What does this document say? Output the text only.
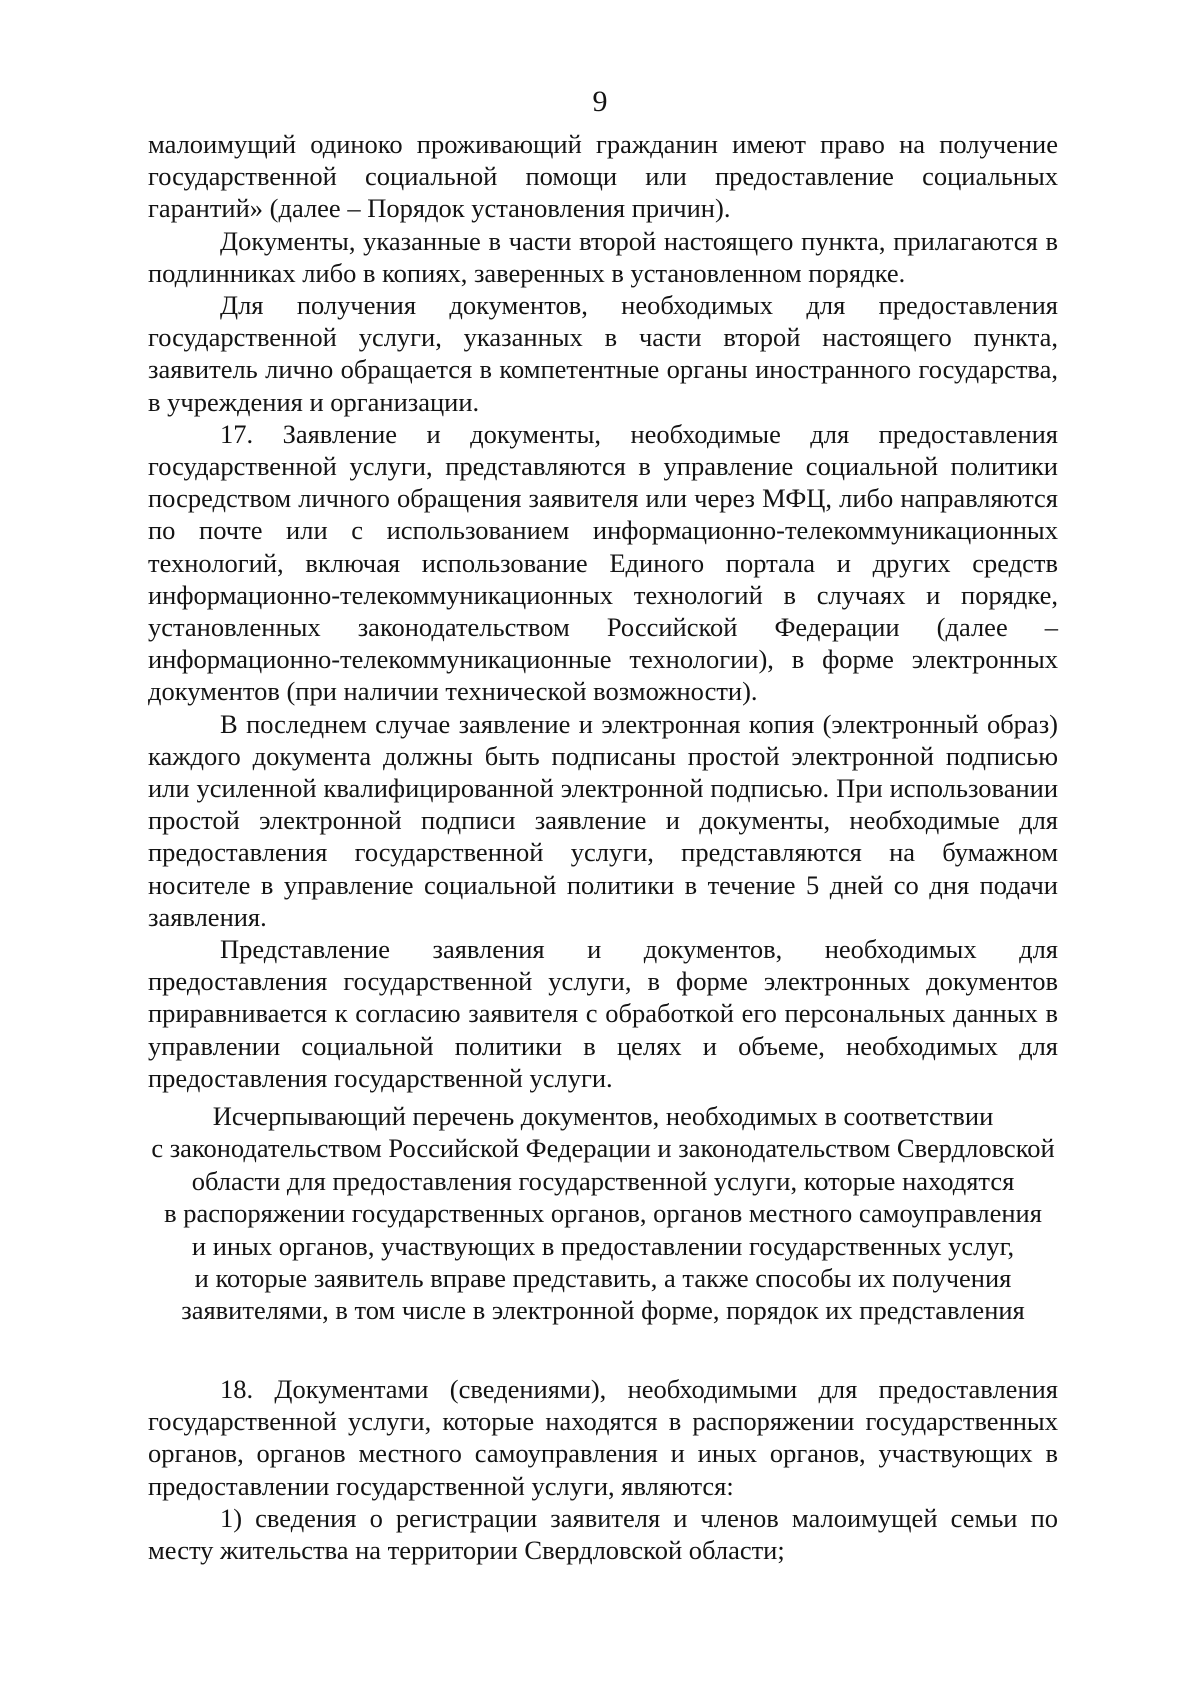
9

малоимущий одиноко проживающий гражданин имеют право на получение государственной социальной помощи или предоставление социальных гарантий» (далее – Порядок установления причин).

Документы, указанные в части второй настоящего пункта, прилагаются в подлинниках либо в копиях, заверенных в установленном порядке.

Для получения документов, необходимых для предоставления государственной услуги, указанных в части второй настоящего пункта, заявитель лично обращается в компетентные органы иностранного государства, в учреждения и организации.

17. Заявление и документы, необходимые для предоставления государственной услуги, представляются в управление социальной политики посредством личного обращения заявителя или через МФЦ, либо направляются по почте или с использованием информационно-телекоммуникационных технологий, включая использование Единого портала и других средств информационно-телекоммуникационных технологий в случаях и порядке, установленных законодательством Российской Федерации (далее – информационно-телекоммуникационные технологии), в форме электронных документов (при наличии технической возможности).

В последнем случае заявление и электронная копия (электронный образ) каждого документа должны быть подписаны простой электронной подписью или усиленной квалифицированной электронной подписью. При использовании простой электронной подписи заявление и документы, необходимые для предоставления государственной услуги, представляются на бумажном носителе в управление социальной политики в течение 5 дней со дня подачи заявления.

Представление заявления и документов, необходимых для предоставления государственной услуги, в форме электронных документов приравнивается к согласию заявителя с обработкой его персональных данных в управлении социальной политики в целях и объеме, необходимых для предоставления государственной услуги.

Исчерпывающий перечень документов, необходимых в соответствии
с законодательством Российской Федерации и законодательством Свердловской
области для предоставления государственной услуги, которые находятся
в распоряжении государственных органов, органов местного самоуправления
и иных органов, участвующих в предоставлении государственных услуг,
и которые заявитель вправе представить, а также способы их получения
заявителями, в том числе в электронной форме, порядок их представления

18. Документами (сведениями), необходимыми для предоставления государственной услуги, которые находятся в распоряжении государственных органов, органов местного самоуправления и иных органов, участвующих в предоставлении государственной услуги, являются:

1) сведения о регистрации заявителя и членов малоимущей семьи по месту жительства на территории Свердловской области;
